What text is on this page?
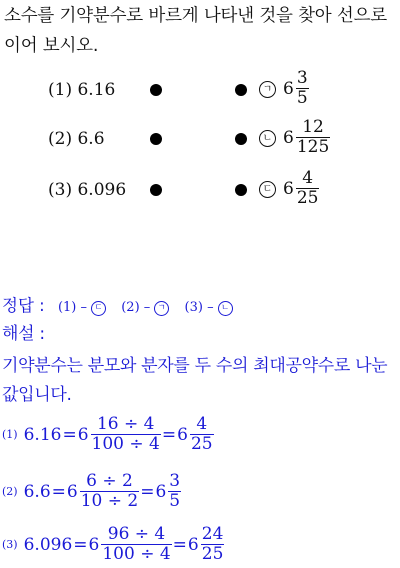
소수를 기약분수로 바르게 나타낸 것을 찾아 선으로
이어 보시오.
(1) 6.16	ㄱ $6 \frac{3}{5}$
(2) 6.6	ㄴ $6 \frac{12}{125}$
(3) 6.096	ㄷ $6 \frac{4}{25}$
정답 : (1) – ㄷ
(2) – ㄱ
(3) – ㄴ
해설 :
기약분수는 분모와 분자를 두 수의 최대공약수로 나눈
값입니다.
(1) $6.16 = 6 \frac{16 \div 4}{100 \div 4} = 6 \frac{4}{25}$
(2) $6.6 = 6 \frac{6 \div 2}{10 \div 2} = 6 \frac{3}{5}$
(3) $6.096 = 6 \frac{96 \div 4}{100 \div 4} = 6 \frac{24}{25}$
